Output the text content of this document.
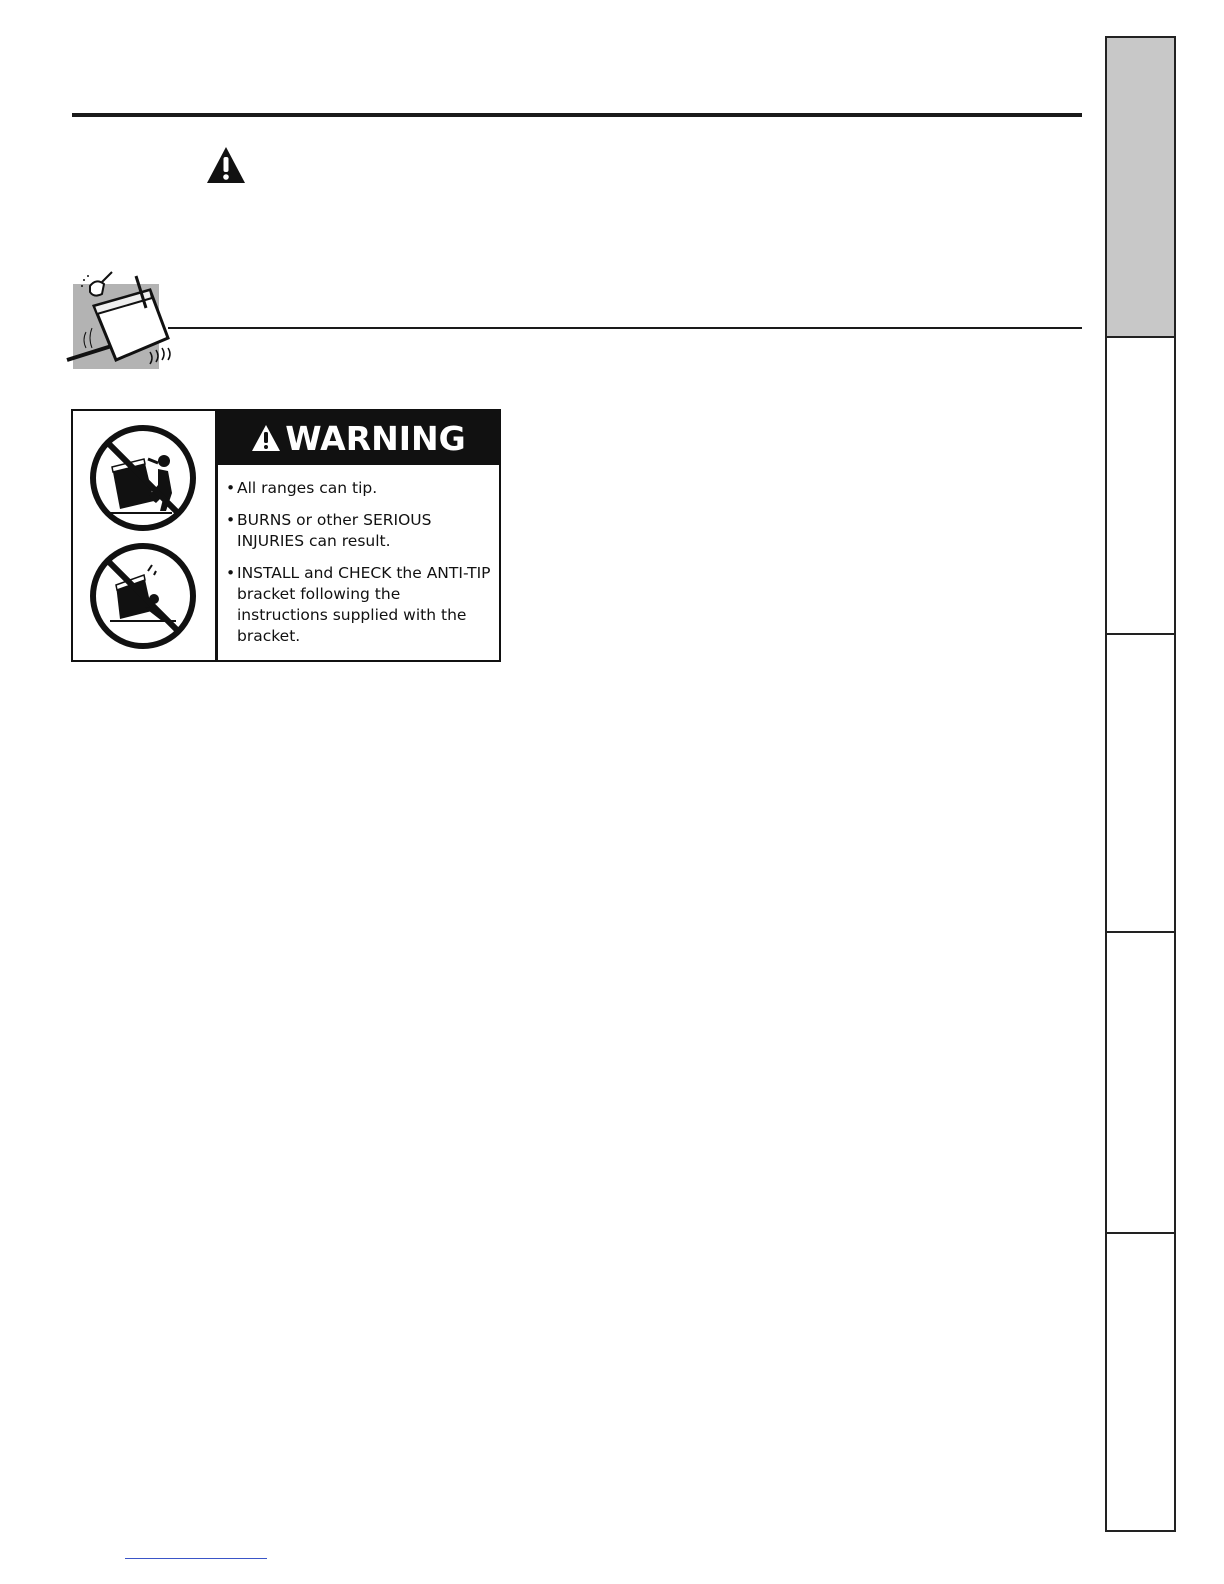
WARNING
• All ranges can tip.
• BURNS or other SERIOUS INJURIES can result.
• INSTALL and CHECK the ANTI-TIP bracket following the instructions supplied with the bracket.
